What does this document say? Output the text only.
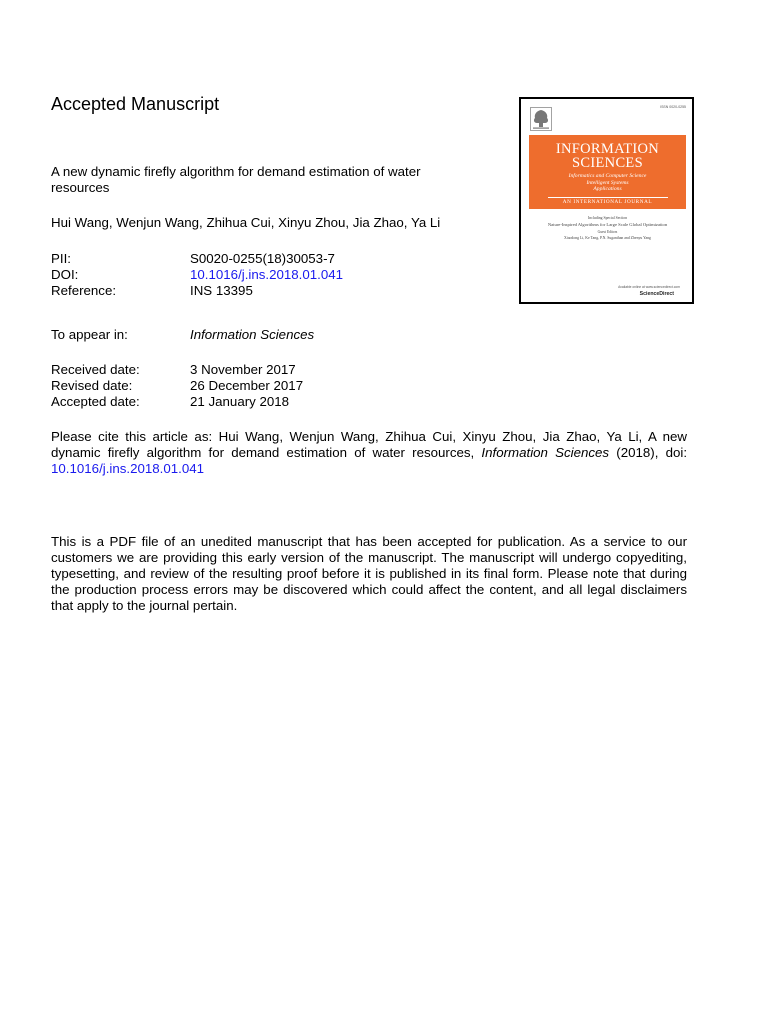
Accepted Manuscript
A new dynamic firefly algorithm for demand estimation of water resources
Hui Wang, Wenjun Wang, Zhihua Cui, Xinyu Zhou, Jia Zhao, Ya Li
PII:	S0020-0255(18)30053-7
DOI:	10.1016/j.ins.2018.01.041
Reference:	INS 13395
To appear in:	Information Sciences
Received date:	3 November 2017
Revised date:	26 December 2017
Accepted date:	21 January 2018
Please cite this article as: Hui Wang, Wenjun Wang, Zhihua Cui, Xinyu Zhou, Jia Zhao, Ya Li, A new dynamic firefly algorithm for demand estimation of water resources, Information Sciences (2018), doi: 10.1016/j.ins.2018.01.041
This is a PDF file of an unedited manuscript that has been accepted for publication. As a service to our customers we are providing this early version of the manuscript. The manuscript will undergo copyediting, typesetting, and review of the resulting proof before it is published in its final form. Please note that during the production process errors may be discovered which could affect the content, and all legal disclaimers that apply to the journal pertain.
ISSN 0020-0255
INFORMATION
SCIENCES
Informatics and Computer Science
Intelligent Systems
Applications
AN INTERNATIONAL JOURNAL
Including Special Section
Nature-Inspired Algorithms for Large Scale Global Optimization
Guest Editors
Xiaodong Li, Ke Tang, P.N. Suganthan and Zhenyu Yang
Available online at www.sciencedirect.com
ScienceDirect
